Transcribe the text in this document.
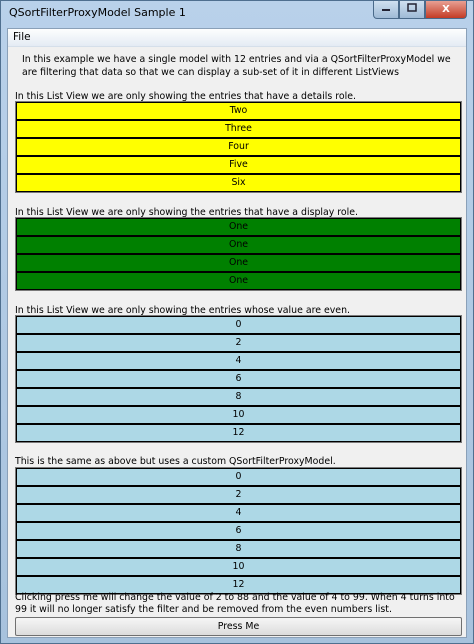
QSortFilterProxyModel Sample 1	X
File
In this example we have a single model with 12 entries and via a QSortFilterProxyModel we are filtering that data so that we can display a sub-set of it in different ListViews
In this List View we are only showing the entries that have a details role.
Two
Three
Four
Five
Six
In this List View we are only showing the entries that have a display role.
One
One
One
One
In this List View we are only showing the entries whose value are even.
0
2
4
6
8
10
12
This is the same as above but uses a custom QSortFilterProxyModel.
0
2
4
6
8
10
12
Clicking press me will change the value of 2 to 88 and the value of 4 to 99. When 4 turns into 99 it will no longer satisfy the filter and be removed from the even numbers list.
Press Me
